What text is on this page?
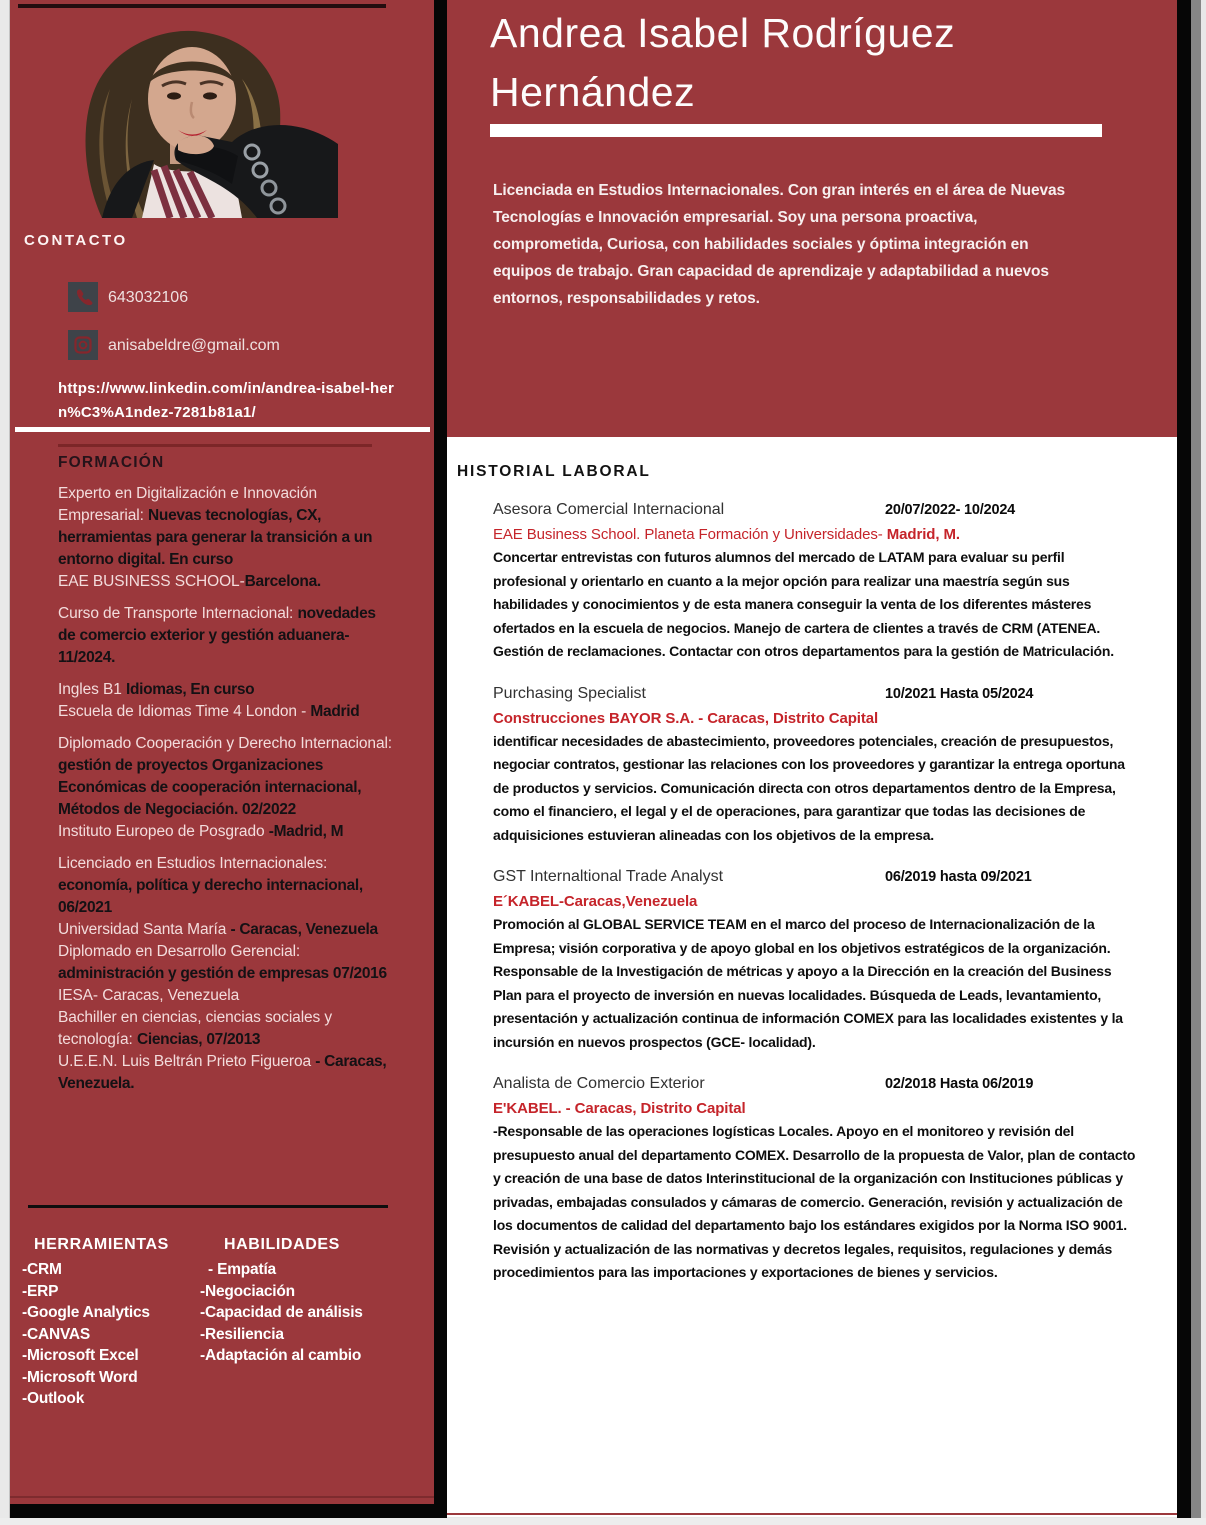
CONTACTO
643032106
anisabeldre@gmail.com
https://www.linkedin.com/in/andrea-isabel-hern%C3%A1ndez-7281b81a1/
FORMACIÓN

Experto en Digitalización e Innovación Empresarial: Nuevas tecnologías, CX, herramientas para generar la transición a un entorno digital. En curso
EAE BUSINESS SCHOOL-Barcelona.

Curso de Transporte Internacional: novedades de comercio exterior y gestión aduanera-11/2024.

Ingles B1 Idiomas, En curso
Escuela de Idiomas Time 4 London - Madrid

Diplomado Cooperación y Derecho Internacional: gestión de proyectos Organizaciones Económicas de cooperación internacional, Métodos de Negociación. 02/2022
Instituto Europeo de Posgrado -Madrid, M

Licenciado en Estudios Internacionales: economía, política y derecho internacional, 06/2021
Universidad Santa María - Caracas, Venezuela

Diplomado en Desarrollo Gerencial: administración y gestión de empresas 07/2016
IESA- Caracas, Venezuela

Bachiller en ciencias, ciencias sociales y tecnología: Ciencias, 07/2013
U.E.E.N. Luis Beltrán Prieto Figueroa - Caracas, Venezuela.

HERRAMIENTAS
-CRM
-ERP
-Google Analytics
-CANVAS
-Microsoft Excel
-Microsoft Word
-Outlook
HABILIDADES
- Empatía
-Negociación
-Capacidad de análisis
-Resiliencia
-Adaptación al cambio
Andrea Isabel Rodríguez
Hernández

Licenciada en Estudios Internacionales. Con gran interés en el área de Nuevas Tecnologías e Innovación empresarial. Soy una persona proactiva, comprometida, Curiosa, con habilidades sociales y óptima integración en equipos de trabajo. Gran capacidad de aprendizaje y adaptabilidad a nuevos entornos, responsabilidades y retos.

HISTORIAL LABORAL
Asesora Comercial Internacional	20/07/2022- 10/2024
EAE Business School. Planeta Formación y Universidades- Madrid, M.

Concertar entrevistas con futuros alumnos del mercado de LATAM para evaluar su perfil profesional y orientarlo en cuanto a la mejor opción para realizar una maestría según sus habilidades y conocimientos y de esta manera conseguir la venta de los diferentes másteres ofertados en la escuela de negocios. Manejo de cartera de clientes a través de CRM (ATENEA. Gestión de reclamaciones. Contactar con otros departamentos para la gestión de Matriculación.

Purchasing Specialist	10/2021 Hasta 05/2024
Construcciones BAYOR S.A. - Caracas, Distrito Capital

identificar necesidades de abastecimiento, proveedores potenciales, creación de presupuestos, negociar contratos, gestionar las relaciones con los proveedores y garantizar la entrega oportuna de productos y servicios. Comunicación directa con otros departamentos dentro de la Empresa, como el financiero, el legal y el de operaciones, para garantizar que todas las decisiones de adquisiciones estuvieran alineadas con los objetivos de la empresa.

GST Internaltional Trade Analyst	06/2019 hasta 09/2021
E´KABEL-Caracas,Venezuela

Promoción al GLOBAL SERVICE TEAM en el marco del proceso de Internacionalización de la Empresa; visión corporativa y de apoyo global en los objetivos estratégicos de la organización. Responsable de la Investigación de métricas y apoyo a la Dirección en la creación del Business Plan para el proyecto de inversión en nuevas localidades. Búsqueda de Leads, levantamiento, presentación y actualización continua de información COMEX para las localidades existentes y la incursión en nuevos prospectos (GCE- localidad).

Analista de Comercio Exterior	02/2018 Hasta 06/2019
E'KABEL. - Caracas, Distrito Capital

-Responsable de las operaciones logísticas Locales. Apoyo en el monitoreo y revisión del presupuesto anual del departamento COMEX. Desarrollo de la propuesta de Valor, plan de contacto y creación de una base de datos Interinstitucional de la organización con Instituciones públicas y privadas, embajadas consulados y cámaras de comercio. Generación, revisión y actualización de los documentos de calidad del departamento bajo los estándares exigidos por la Norma ISO 9001. Revisión y actualización de las normativas y decretos legales, requisitos, regulaciones y demás procedimientos para las importaciones y exportaciones de bienes y servicios.
